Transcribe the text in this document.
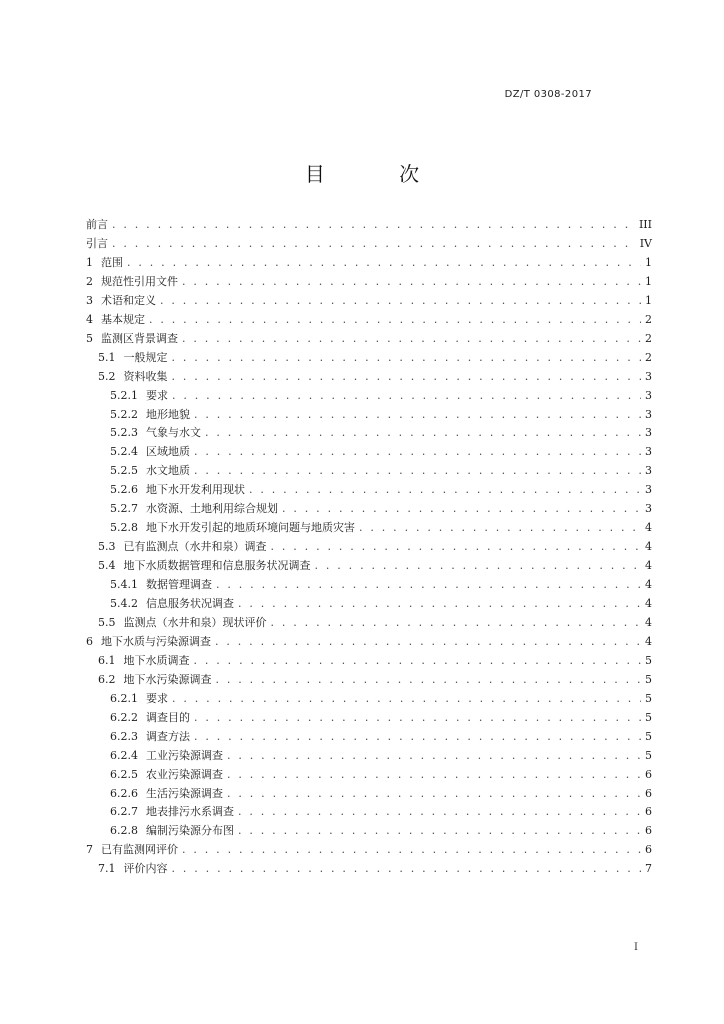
DZ/T 0308-2017
目 次
前言 . . .	III
引言 . . .	IV
1 范围 . . .	1
2 规范性引用文件 . . .	1
3 术语和定义 . . .	1
4 基本规定 . . .	2
5 监测区背景调查 . . .	2
5.1 一般规定 . . .	2
5.2 资料收集 . . .	3
5.2.1 要求 . . .	3
5.2.2 地形地貌 . . .	3
5.2.3 气象与水文 . . .	3
5.2.4 区域地质 . . .	3
5.2.5 水文地质 . . .	3
5.2.6 地下水开发利用现状 . . .	3
5.2.7 水资源、土地利用综合规划 . . .	3
5.2.8 地下水开发引起的地质环境问题与地质灾害 . . .	4
5.3 已有监测点（水井和泉）调查 . . .	4
5.4 地下水质数据管理和信息服务状况调查 . . .	4
5.4.1 数据管理调查 . . .	4
5.4.2 信息服务状况调查 . . .	4
5.5 监测点（水井和泉）现状评价 . . .	4
6 地下水质与污染源调查 . . .	4
6.1 地下水质调查 . . .	5
6.2 地下水污染源调查 . . .	5
6.2.1 要求 . . .	5
6.2.2 调查目的 . . .	5
6.2.3 调查方法 . . .	5
6.2.4 工业污染源调查 . . .	5
6.2.5 农业污染源调查 . . .	6
6.2.6 生活污染源调查 . . .	6
6.2.7 地表排污水系调查 . . .	6
6.2.8 编制污染源分布图 . . .	6
7 已有监测网评价 . . .	6
7.1 评价内容 . . .	7
I
